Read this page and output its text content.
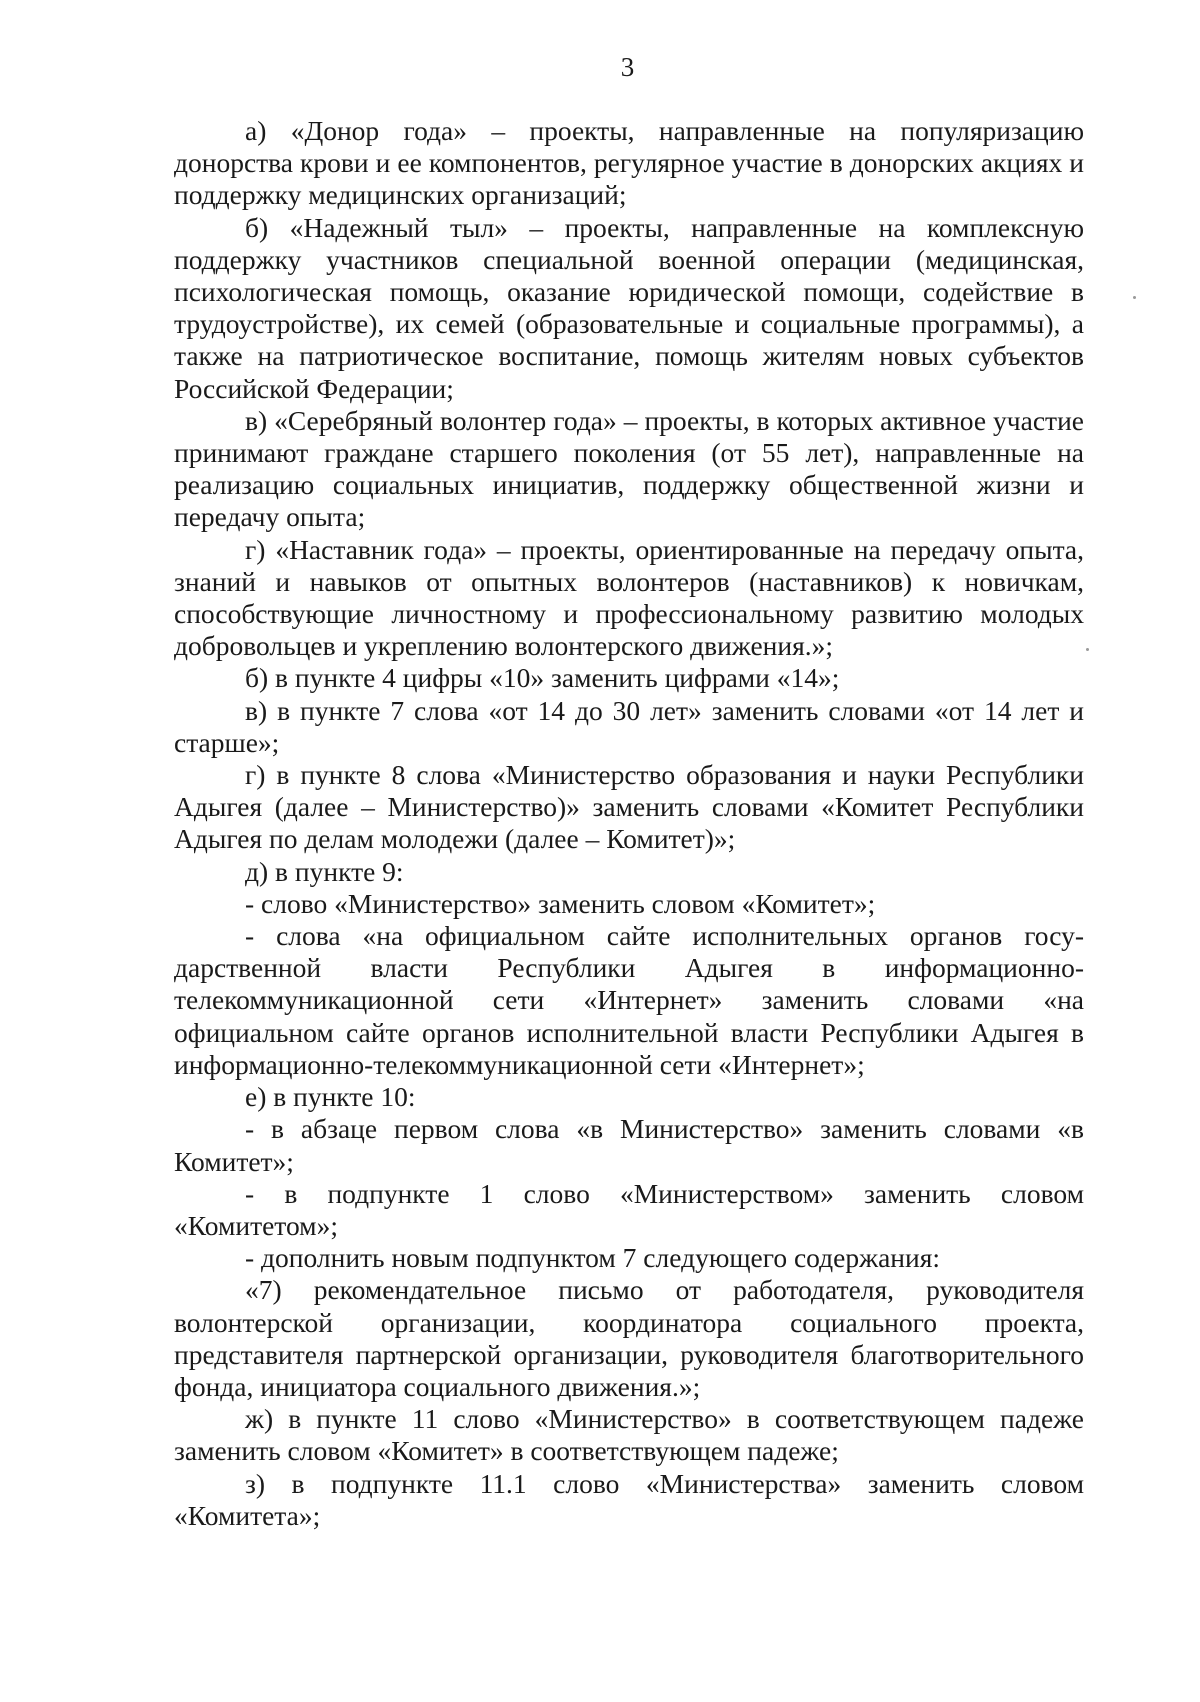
3

а) «Донор года» – проекты, направленные на популяризацию донорства крови и ее компонентов, регулярное участие в донорских акциях и поддержку медицинских организаций;

б) «Надежный тыл» – проекты, направленные на комплексную поддержку участников специальной военной операции (медицинская, психологическая помощь, оказание юридической помощи, содействие в трудоустройстве), их семей (образовательные и социальные программы), а также на патриотическое воспитание, помощь жителям новых субъектов Российской Федерации;

в) «Серебряный волонтер года» – проекты, в которых активное участие принимают граждане старшего поколения (от 55 лет), направленные на реализацию социальных инициатив, поддержку общественной жизни и передачу опыта;

г) «Наставник года» – проекты, ориентированные на передачу опыта, знаний и навыков от опытных волонтеров (наставников) к новичкам, способствующие личностному и профессиональному развитию молодых добровольцев и укреплению волонтерского движения.»;

б) в пункте 4 цифры «10» заменить цифрами «14»;

в) в пункте 7 слова «от 14 до 30 лет» заменить словами «от 14 лет и старше»;

г) в пункте 8 слова «Министерство образования и науки Республики Адыгея (далее – Министерство)» заменить словами «Комитет Республики Адыгея по делам молодежи (далее – Комитет)»;

д) в пункте 9:

- слово «Министерство» заменить словом «Комитет»;

- слова «на официальном сайте исполнительных органов государственной власти Республики Адыгея в информационно-телекоммуникационной сети «Интернет» заменить словами «на официальном сайте органов исполнительной власти Республики Адыгея в информационно-телекоммуникационной сети «Интернет»;

е) в пункте 10:

- в абзаце первом слова «в Министерство» заменить словами «в Комитет»;

- в подпункте 1 слово «Министерством» заменить словом «Комитетом»;

- дополнить новым подпунктом 7 следующего содержания:

«7) рекомендательное письмо от работодателя, руководителя волонтерской организации, координатора социального проекта, представителя партнерской организации, руководителя благотворительного фонда, инициатора социального движения.»;

ж) в пункте 11 слово «Министерство» в соответствующем падеже заменить словом «Комитет» в соответствующем падеже;

з) в подпункте 11.1 слово «Министерства» заменить словом «Комитета»;
